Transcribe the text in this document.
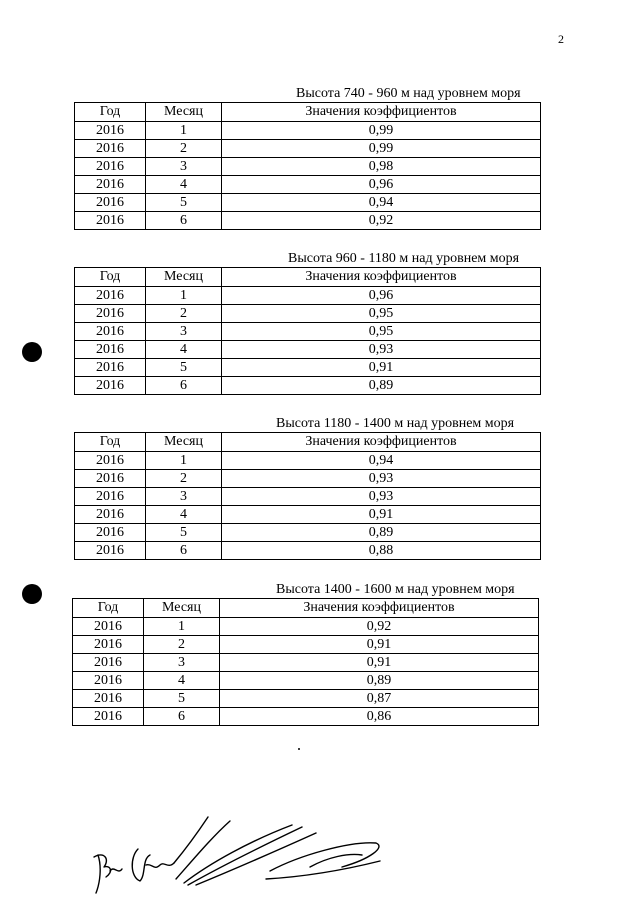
2
Высота 740 - 960 м над уровнем моря
Год	Месяц	Значения коэффициентов
2016	1	0,99
2016	2	0,99
2016	3	0,98
2016	4	0,96
2016	5	0,94
2016	6	0,92
Высота 960 - 1180 м над уровнем моря
Год	Месяц	Значения коэффициентов
2016	1	0,96
2016	2	0,95
2016	3	0,95
2016	4	0,93
2016	5	0,91
2016	6	0,89
Высота 1180 - 1400 м над уровнем моря
Год	Месяц	Значения коэффициентов
2016	1	0,94
2016	2	0,93
2016	3	0,93
2016	4	0,91
2016	5	0,89
2016	6	0,88
Высота 1400 - 1600 м над уровнем моря
Год	Месяц	Значения коэффициентов
2016	1	0,92
2016	2	0,91
2016	3	0,91
2016	4	0,89
2016	5	0,87
2016	6	0,86
